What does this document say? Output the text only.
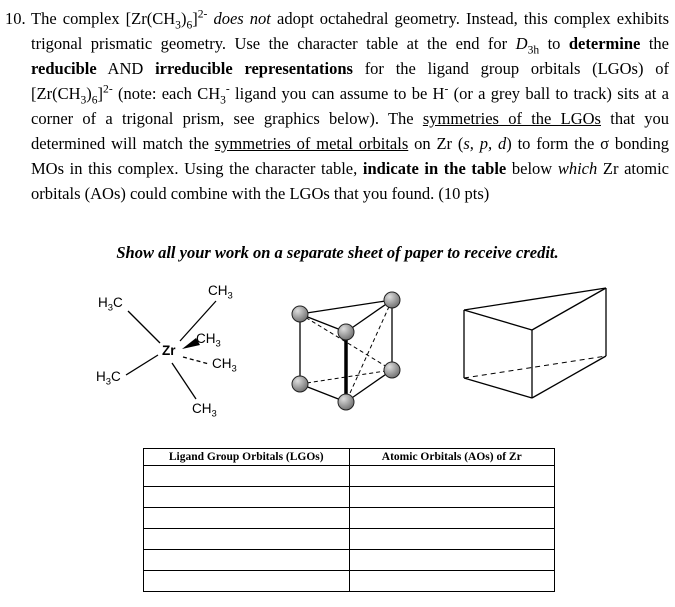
10. The complex $[Zr(CH_3)_6]^{2-}$ does not adopt octahedral geometry. Instead, this complex exhibits trigonal prismatic geometry. Use the character table at the end for $D_{3h}$ to determine the reducible AND irreducible representations for the ligand group orbitals (LGOs) of $[Zr(CH_3)_6]^{2-}$ (note: each $CH_3^-$ ligand you can assume to be H- (or a grey ball to track) sits at a corner of a trigonal prism, see graphics below). The symmetries of the LGOs that you determined will match the symmetries of metal orbitals on Zr (s, p, d) to form the σ bonding MOs in this complex. Using the character table, indicate in the table below which Zr atomic orbitals (AOs) could combine with the LGOs that you found. (10 pts)

Show all your work on a separate sheet of paper to receive credit.
$CH_3$
$H_3C$
Zr
$CH_3$
$CH_3$
$H_3C$
$CH_3$
Ligand Group Orbitals (LGOs)	Atomic Orbitals (AOs) of Zr
